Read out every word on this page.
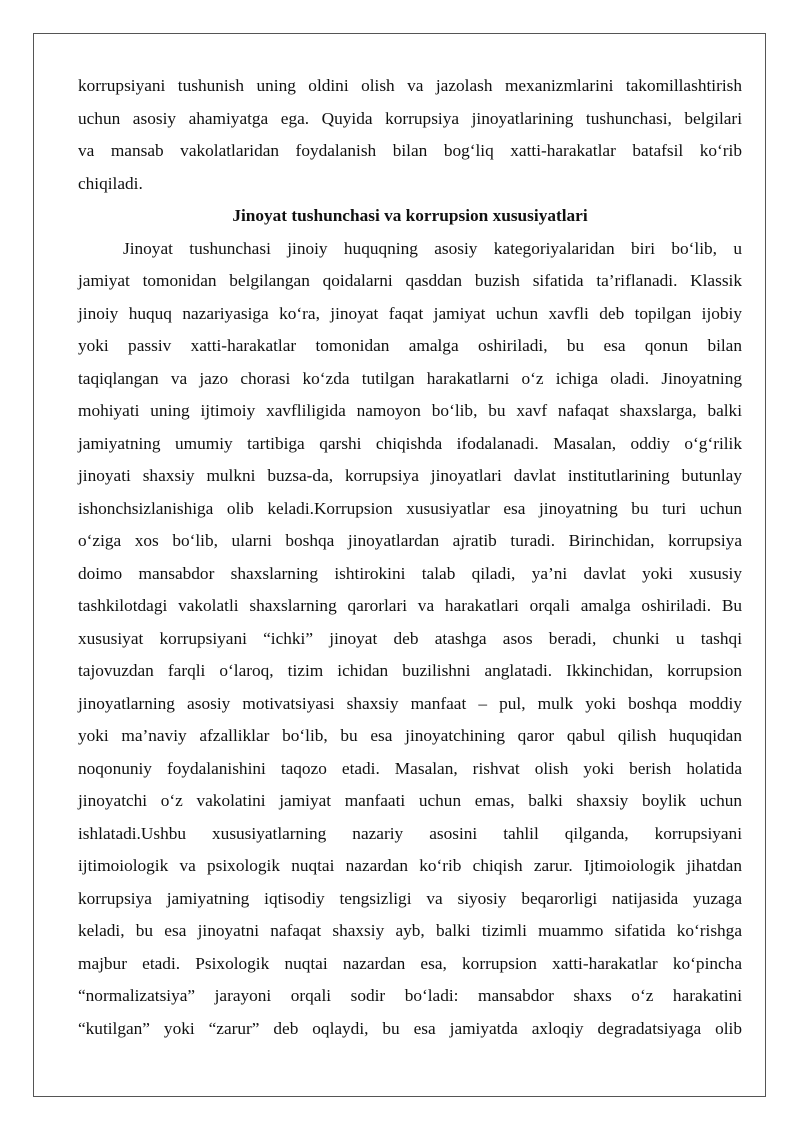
korrupsiyani tushunish uning oldini olish va jazolash mexanizmlarini takomillashtirish
uchun asosiy ahamiyatga ega. Quyida korrupsiya jinoyatlarining tushunchasi, belgilari
va mansab vakolatlaridan foydalanish bilan bog‘liq xatti-harakatlar batafsil ko‘rib
chiqiladi.

Jinoyat tushunchasi va korrupsion xususiyatlari

Jinoyat tushunchasi jinoiy huquqning asosiy kategoriyalaridan biri bo‘lib, u
jamiyat tomonidan belgilangan qoidalarni qasddan buzish sifatida ta’riflanadi. Klassik
jinoiy huquq nazariyasiga ko‘ra, jinoyat faqat jamiyat uchun xavfli deb topilgan ijobiy
yoki passiv xatti-harakatlar tomonidan amalga oshiriladi, bu esa qonun bilan
taqiqlangan va jazo chorasi ko‘zda tutilgan harakatlarni o‘z ichiga oladi. Jinoyatning
mohiyati uning ijtimoiy xavfliligida namoyon bo‘lib, bu xavf nafaqat shaxslarga, balki
jamiyatning umumiy tartibiga qarshi chiqishda ifodalanadi. Masalan, oddiy o‘g‘rilik
jinoyati shaxsiy mulkni buzsa-da, korrupsiya jinoyatlari davlat institutlarining butunlay
ishonchsizlanishiga olib keladi.Korrupsion xususiyatlar esa jinoyatning bu turi uchun
o‘ziga xos bo‘lib, ularni boshqa jinoyatlardan ajratib turadi. Birinchidan, korrupsiya
doimo mansabdor shaxslarning ishtirokini talab qiladi, ya’ni davlat yoki xususiy
tashkilotdagi vakolatli shaxslarning qarorlari va harakatlari orqali amalga oshiriladi. Bu
xususiyat korrupsiyani “ichki” jinoyat deb atashga asos beradi, chunki u tashqi
tajovuzdan farqli o‘laroq, tizim ichidan buzilishni anglatadi. Ikkinchidan, korrupsion
jinoyatlarning asosiy motivatsiyasi shaxsiy manfaat – pul, mulk yoki boshqa moddiy
yoki ma’naviy afzalliklar bo‘lib, bu esa jinoyatchining qaror qabul qilish huquqidan
noqonuniy foydalanishini taqozo etadi. Masalan, rishvat olish yoki berish holatida
jinoyatchi o‘z vakolatini jamiyat manfaati uchun emas, balki shaxsiy boylik uchun
ishlatadi.Ushbu xususiyatlarning nazariy asosini tahlil qilganda, korrupsiyani
ijtimoiologik va psixologik nuqtai nazardan ko‘rib chiqish zarur. Ijtimoiologik jihatdan
korrupsiya jamiyatning iqtisodiy tengsizligi va siyosiy beqarorligi natijasida yuzaga
keladi, bu esa jinoyatni nafaqat shaxsiy ayb, balki tizimli muammo sifatida ko‘rishga
majbur etadi. Psixologik nuqtai nazardan esa, korrupsion xatti-harakatlar ko‘pincha
“normalizatsiya” jarayoni orqali sodir bo‘ladi: mansabdor shaxs o‘z harakatini
“kutilgan” yoki “zarur” deb oqlaydi, bu esa jamiyatda axloqiy degradatsiyaga olib
